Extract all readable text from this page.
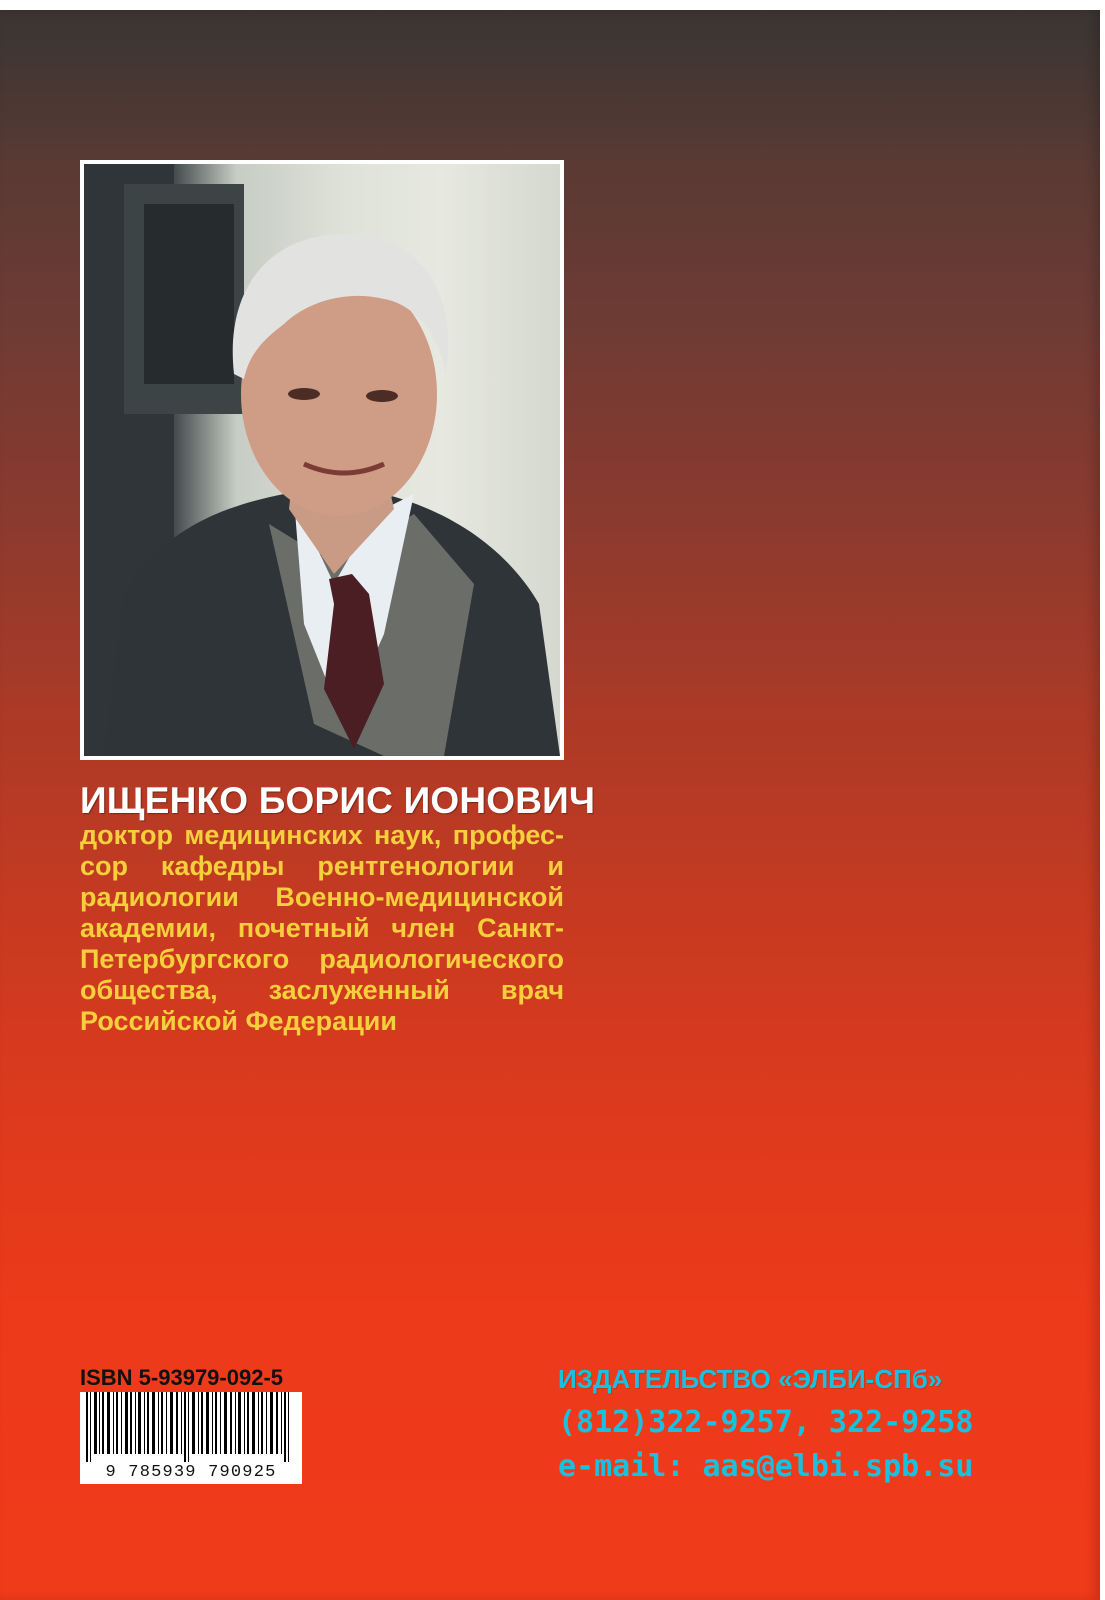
ИЩЕНКО БОРИС ИОНОВИЧ
доктор медицинских наук, профес-
сор кафедры рентгенологии и
радиологии Военно-медицинской
академии, почетный член Санкт-
Петербургского радиологического
общества, заслуженный врач
Российской Федерации
ISBN 5-93979-092-5
9 785939 790925
ИЗДАТЕЛЬСТВО «ЭЛБИ-СПб»
(812)322-9257, 322-9258
e-mail: aas@elbi.spb.su
